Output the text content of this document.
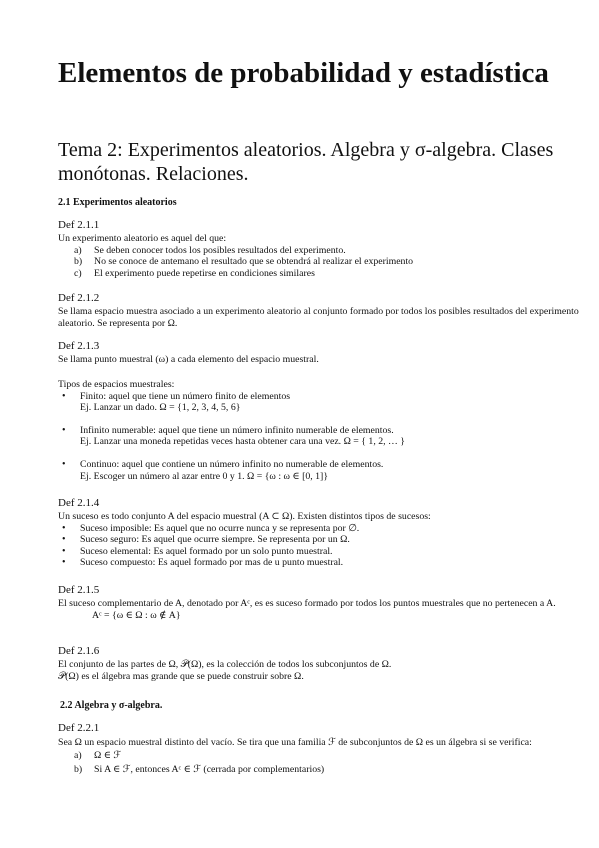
Elementos de probabilidad y estadística
Tema 2: Experimentos aleatorios. Algebra y σ-algebra. Clases monótonas. Relaciones.
2.1 Experimentos aleatorios
Def 2.1.1
Un experimento aleatorio es aquel del que:
a)	Se deben conocer todos los posibles resultados del experimento.
b)	No se conoce de antemano el resultado que se obtendrá al realizar el experimento
c)	El experimento puede repetirse en condiciones similares
Def 2.1.2
Se llama espacio muestra asociado a un experimento aleatorio al conjunto formado por todos los posibles resultados del experimento aleatorio. Se representa por Ω.
Def 2.1.3
Se llama punto muestral (ω) a cada elemento del espacio muestral.
Tipos de espacios muestrales:
•	Finito: aquel que tiene un número finito de elementos
Ej. Lanzar un dado. Ω = {1, 2, 3, 4, 5, 6}
•	Infinito numerable: aquel que tiene un número infinito numerable de elementos.
Ej. Lanzar una moneda repetidas veces hasta obtener cara una vez. Ω = { 1, 2, … }
•	Continuo: aquel que contiene un número infinito no numerable de elementos.
Ej. Escoger un número al azar entre 0 y 1. Ω = {ω : ω ∈ [0, 1]}
Def 2.1.4
Un suceso es todo conjunto A del espacio muestral (A ⊂ Ω). Existen distintos tipos de sucesos:
•	Suceso imposible: Es aquel que no ocurre nunca y se representa por ∅.
•	Suceso seguro: Es aquel que ocurre siempre. Se representa por un Ω.
•	Suceso elemental: Es aquel formado por un solo punto muestral.
•	Suceso compuesto: Es aquel formado por mas de u punto muestral.
Def 2.1.5
El suceso complementario de A, denotado por Aᶜ, es es suceso formado por todos los puntos muestrales que no pertenecen a A.
Aᶜ = {ω ∈ Ω : ω ∉ A}
Def 2.1.6
El conjunto de las partes de Ω, 𝒫(Ω), es la colección de todos los subconjuntos de Ω.
𝒫(Ω) es el álgebra mas grande que se puede construir sobre Ω.
2.2 Algebra y σ-algebra.
Def 2.2.1
Sea Ω un espacio muestral distinto del vacío. Se tira que una familia ℱ de subconjuntos de Ω es un álgebra si se verifica:
a)	Ω ∈ ℱ
b)	Si A ∈ ℱ, entonces Aᶜ ∈ ℱ (cerrada por complementarios)
